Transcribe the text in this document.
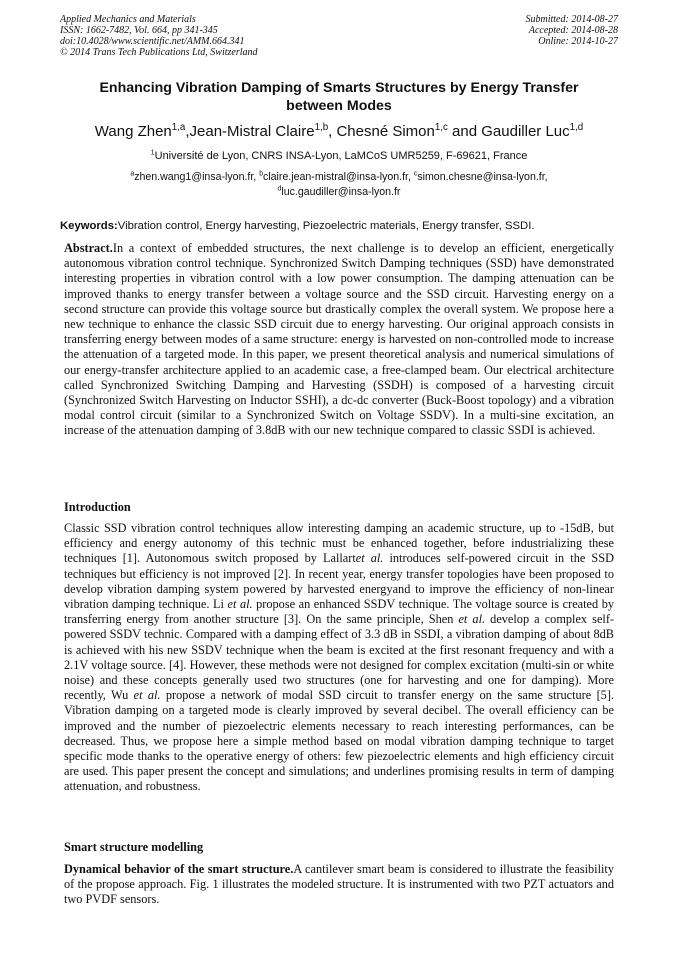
Applied Mechanics and Materials
ISSN: 1662-7482, Vol. 664, pp 341-345
doi:10.4028/www.scientific.net/AMM.664.341
© 2014 Trans Tech Publications Ltd, Switzerland
Submitted: 2014-08-27
Accepted: 2014-08-28
Online: 2014-10-27
Enhancing Vibration Damping of Smarts Structures by Energy Transfer
between Modes
Wang Zhen$^{1,a}$,Jean-Mistral Claire$^{1,b}$, Chesné Simon$^{1,c}$ and Gaudiller Luc$^{1,d}$
$^1$Université de Lyon, CNRS INSA-Lyon, LaMCoS UMR5259, F-69621, France
$^a$zhen.wang1@insa-lyon.fr, $^b$claire.jean-mistral@insa-lyon.fr, $^c$simon.chesne@insa-lyon.fr,
$^d$luc.gaudiller@insa-lyon.fr
Keywords:Vibration control, Energy harvesting, Piezoelectric materials, Energy transfer, SSDI.
Abstract.In a context of embedded structures, the next challenge is to develop an efficient, energetically autonomous vibration control technique. Synchronized Switch Damping techniques (SSD) have demonstrated interesting properties in vibration control with a low power consumption. The damping attenuation can be improved thanks to energy transfer between a voltage source and the SSD circuit. Harvesting energy on a second structure can provide this voltage source but drastically complex the overall system. We propose here a new technique to enhance the classic SSD circuit due to energy harvesting. Our original approach consists in transferring energy between modes of a same structure: energy is harvested on non-controlled mode to increase the attenuation of a targeted mode. In this paper, we present theoretical analysis and numerical simulations of our energy-transfer architecture applied to an academic case, a free-clamped beam. Our electrical architecture called Synchronized Switching Damping and Harvesting (SSDH) is composed of a harvesting circuit (Synchronized Switch Harvesting on Inductor SSHI), a dc-dc converter (Buck-Boost topology) and a vibration modal control circuit (similar to a Synchronized Switch on Voltage SSDV). In a multi-sine excitation, an increase of the attenuation damping of 3.8dB with our new technique compared to classic SSDI is achieved.
Introduction
Classic SSD vibration control techniques allow interesting damping an academic structure, up to -15dB, but efficiency and energy autonomy of this technic must be enhanced together, before industrializing these techniques [1]. Autonomous switch proposed by Lallartet al. introduces self-powered circuit in the SSD techniques but efficiency is not improved [2]. In recent year, energy transfer topologies have been proposed to develop vibration damping system powered by harvested energyand to improve the efficiency of non-linear vibration damping technique. Li et al. propose an enhanced SSDV technique. The voltage source is created by transferring energy from another structure [3]. On the same principle, Shen et al. develop a complex self-powered SSDV technic. Compared with a damping effect of 3.3 dB in SSDI, a vibration damping of about 8dB is achieved with his new SSDV technique when the beam is excited at the first resonant frequency and with a 2.1V voltage source. [4]. However, these methods were not designed for complex excitation (multi-sin or white noise) and these concepts generally used two structures (one for harvesting and one for damping). More recently, Wu et al. propose a network of modal SSD circuit to transfer energy on the same structure [5]. Vibration damping on a targeted mode is clearly improved by several decibel. The overall efficiency can be improved and the number of piezoelectric elements necessary to reach interesting performances, can be decreased. Thus, we propose here a simple method based on modal vibration damping technique to target specific mode thanks to the operative energy of others: few piezoelectric elements and high efficiency circuit are used. This paper present the concept and simulations; and underlines promising results in term of damping attenuation, and robustness.
Smart structure modelling
Dynamical behavior of the smart structure.A cantilever smart beam is considered to illustrate the feasibility of the propose approach. Fig. 1 illustrates the modeled structure. It is instrumented with two PZT actuators and two PVDF sensors.
